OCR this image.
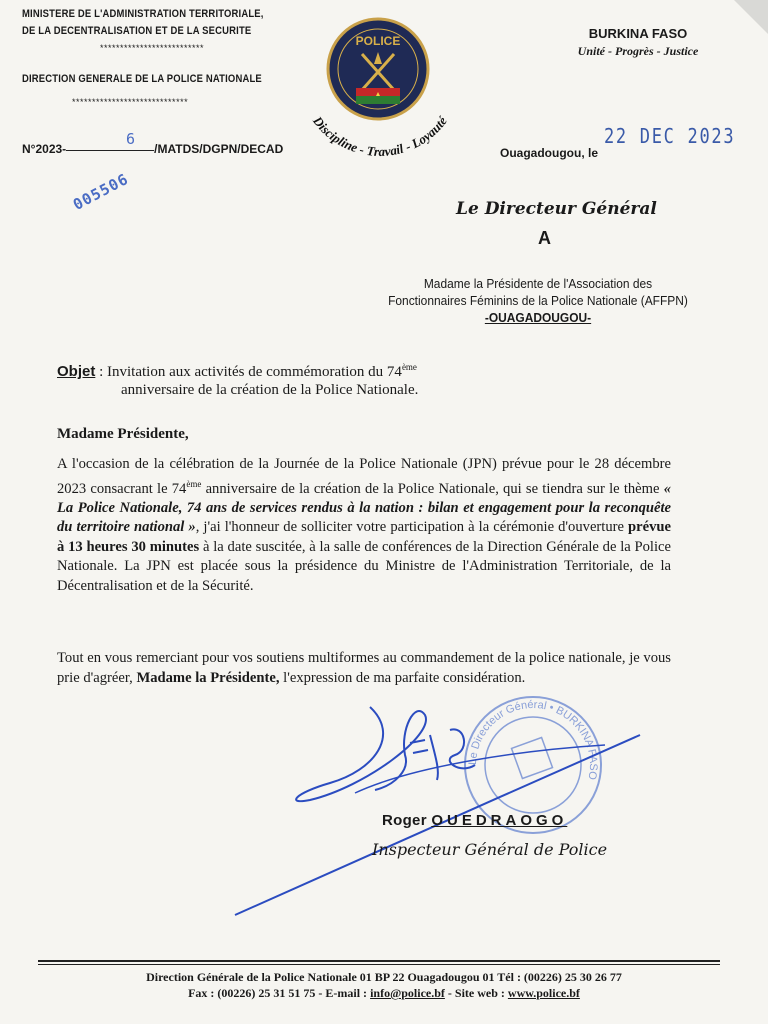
MINISTERE DE L'ADMINISTRATION TERRITORIALE,
DE LA DECENTRALISATION ET DE LA SECURITE
**************************
DIRECTION GENERALE DE LA POLICE NATIONALE
*****************************
POLICE
Discipline - Travail - Loyauté
BURKINA FASO
Unité - Progrès - Justice
N°2023-	/MATDS/DGPN/DECAD
6
005506
22 DEC 2023
Ouagadougou, le
Le Directeur Général
A
Madame la Présidente de l'Association des
Fonctionnaires Féminins de la Police Nationale (AFFPN)
-OUAGADOUGOU-
Objet : Invitation aux activités de commémoration du 74ème
anniversaire de la création de la Police Nationale.
Madame Présidente,

A l'occasion de la célébration de la Journée de la Police Nationale (JPN) prévue pour le 28 décembre 2023 consacrant le 74ème anniversaire de la création de la Police Nationale, qui se tiendra sur le thème « La Police Nationale, 74 ans de services rendus à la nation : bilan et engagement pour la reconquête du territoire national », j'ai l'honneur de solliciter votre participation à la cérémonie d'ouverture prévue à 13 heures 30 minutes à la date suscitée, à la salle de conférences de la Direction Générale de la Police Nationale. La JPN est placée sous la présidence du Ministre de l'Administration Territoriale, de la Décentralisation et de la Sécurité.

Tout en vous remerciant pour vos soutiens multiformes au commandement de la police nationale, je vous prie d'agréer, Madame la Présidente, l'expression de ma parfaite considération.

Le Directeur Général • BURKINA FASO
Roger OUEDRAOGO
Inspecteur Général de Police
Direction Générale de la Police Nationale 01 BP 22 Ouagadougou 01 Tél : (00226) 25 30 26 77
Fax : (00226) 25 31 51 75 - E-mail : info@police.bf - Site web : www.police.bf
